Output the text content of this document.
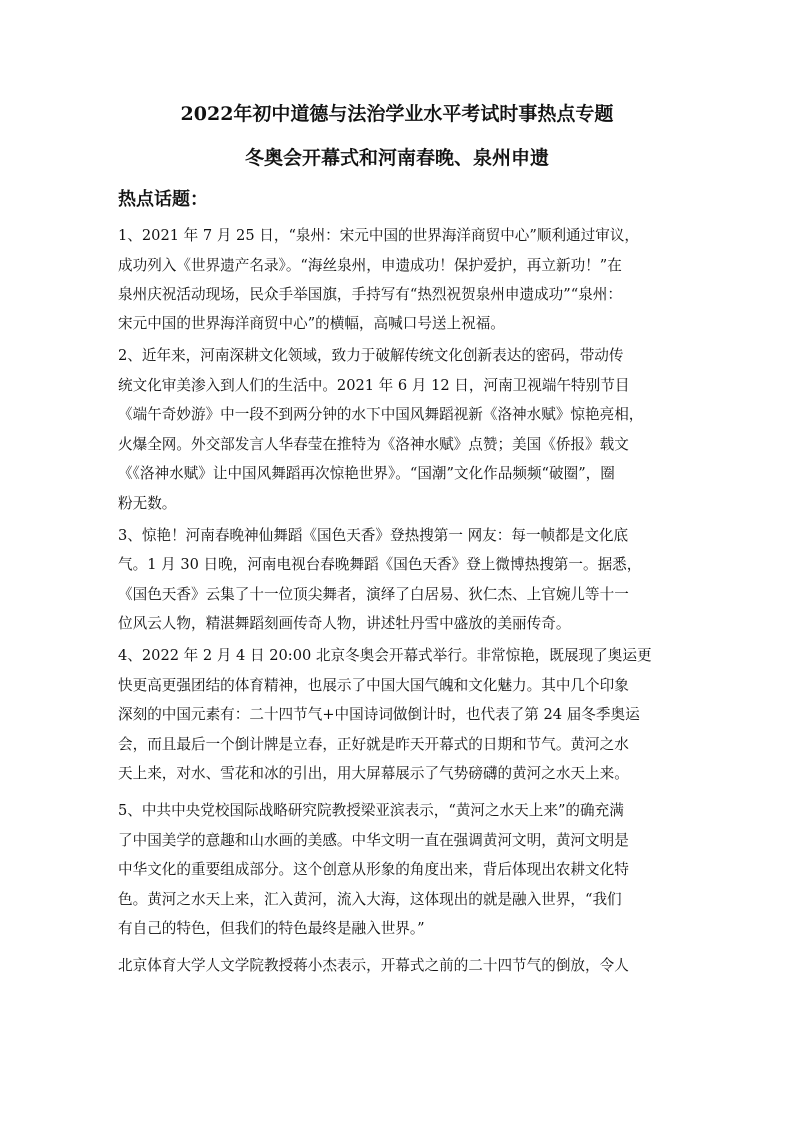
2022年初中道德与法治学业水平考试时事热点专题
冬奥会开幕式和河南春晚、泉州申遗
热点话题：
1、2021 年 7 月 25 日，“泉州：宋元中国的世界海洋商贸中心”顺利通过审议，
成功列入《世界遗产名录》。“海丝泉州，申遗成功！保护爱护，再立新功！”在
泉州庆祝活动现场，民众手举国旗，手持写有“热烈祝贺泉州申遗成功”“泉州：
宋元中国的世界海洋商贸中心”的横幅，高喊口号送上祝福。
2、近年来，河南深耕文化领域，致力于破解传统文化创新表达的密码，带动传
统文化审美渗入到人们的生活中。2021 年 6 月 12 日，河南卫视端午特别节目
《端午奇妙游》中一段不到两分钟的水下中国风舞蹈视新《洛神水赋》惊艳亮相，
火爆全网。外交部发言人华春莹在推特为《洛神水赋》点赞；美国《侨报》载文
《《洛神水赋》让中国风舞蹈再次惊艳世界》。“国潮”文化作品频频“破圈”，圈
粉无数。
3、惊艳！河南春晚神仙舞蹈《国色天香》登热搜第一 网友：每一帧都是文化底
气。1 月 30 日晚，河南电视台春晚舞蹈《国色天香》登上微博热搜第一。据悉，
《国色天香》云集了十一位顶尖舞者，演绎了白居易、狄仁杰、上官婉儿等十一
位风云人物，精湛舞蹈刻画传奇人物，讲述牡丹雪中盛放的美丽传奇。
4、2022 年 2 月 4 日 20:00 北京冬奥会开幕式举行。非常惊艳，既展现了奥运更
快更高更强团结的体育精神，也展示了中国大国气魄和文化魅力。其中几个印象
深刻的中国元素有：二十四节气+中国诗词做倒计时，也代表了第 24 届冬季奥运
会，而且最后一个倒计牌是立春，正好就是昨天开幕式的日期和节气。黄河之水
天上来，对水、雪花和冰的引出，用大屏幕展示了气势磅礴的黄河之水天上来。
5、中共中央党校国际战略研究院教授梁亚滨表示，“黄河之水天上来”的确充满
了中国美学的意趣和山水画的美感。中华文明一直在强调黄河文明，黄河文明是
中华文化的重要组成部分。这个创意从形象的角度出来，背后体现出农耕文化特
色。黄河之水天上来，汇入黄河，流入大海，这体现出的就是融入世界，“我们
有自己的特色，但我们的特色最终是融入世界。”
北京体育大学人文学院教授蒋小杰表示，开幕式之前的二十四节气的倒放，令人
